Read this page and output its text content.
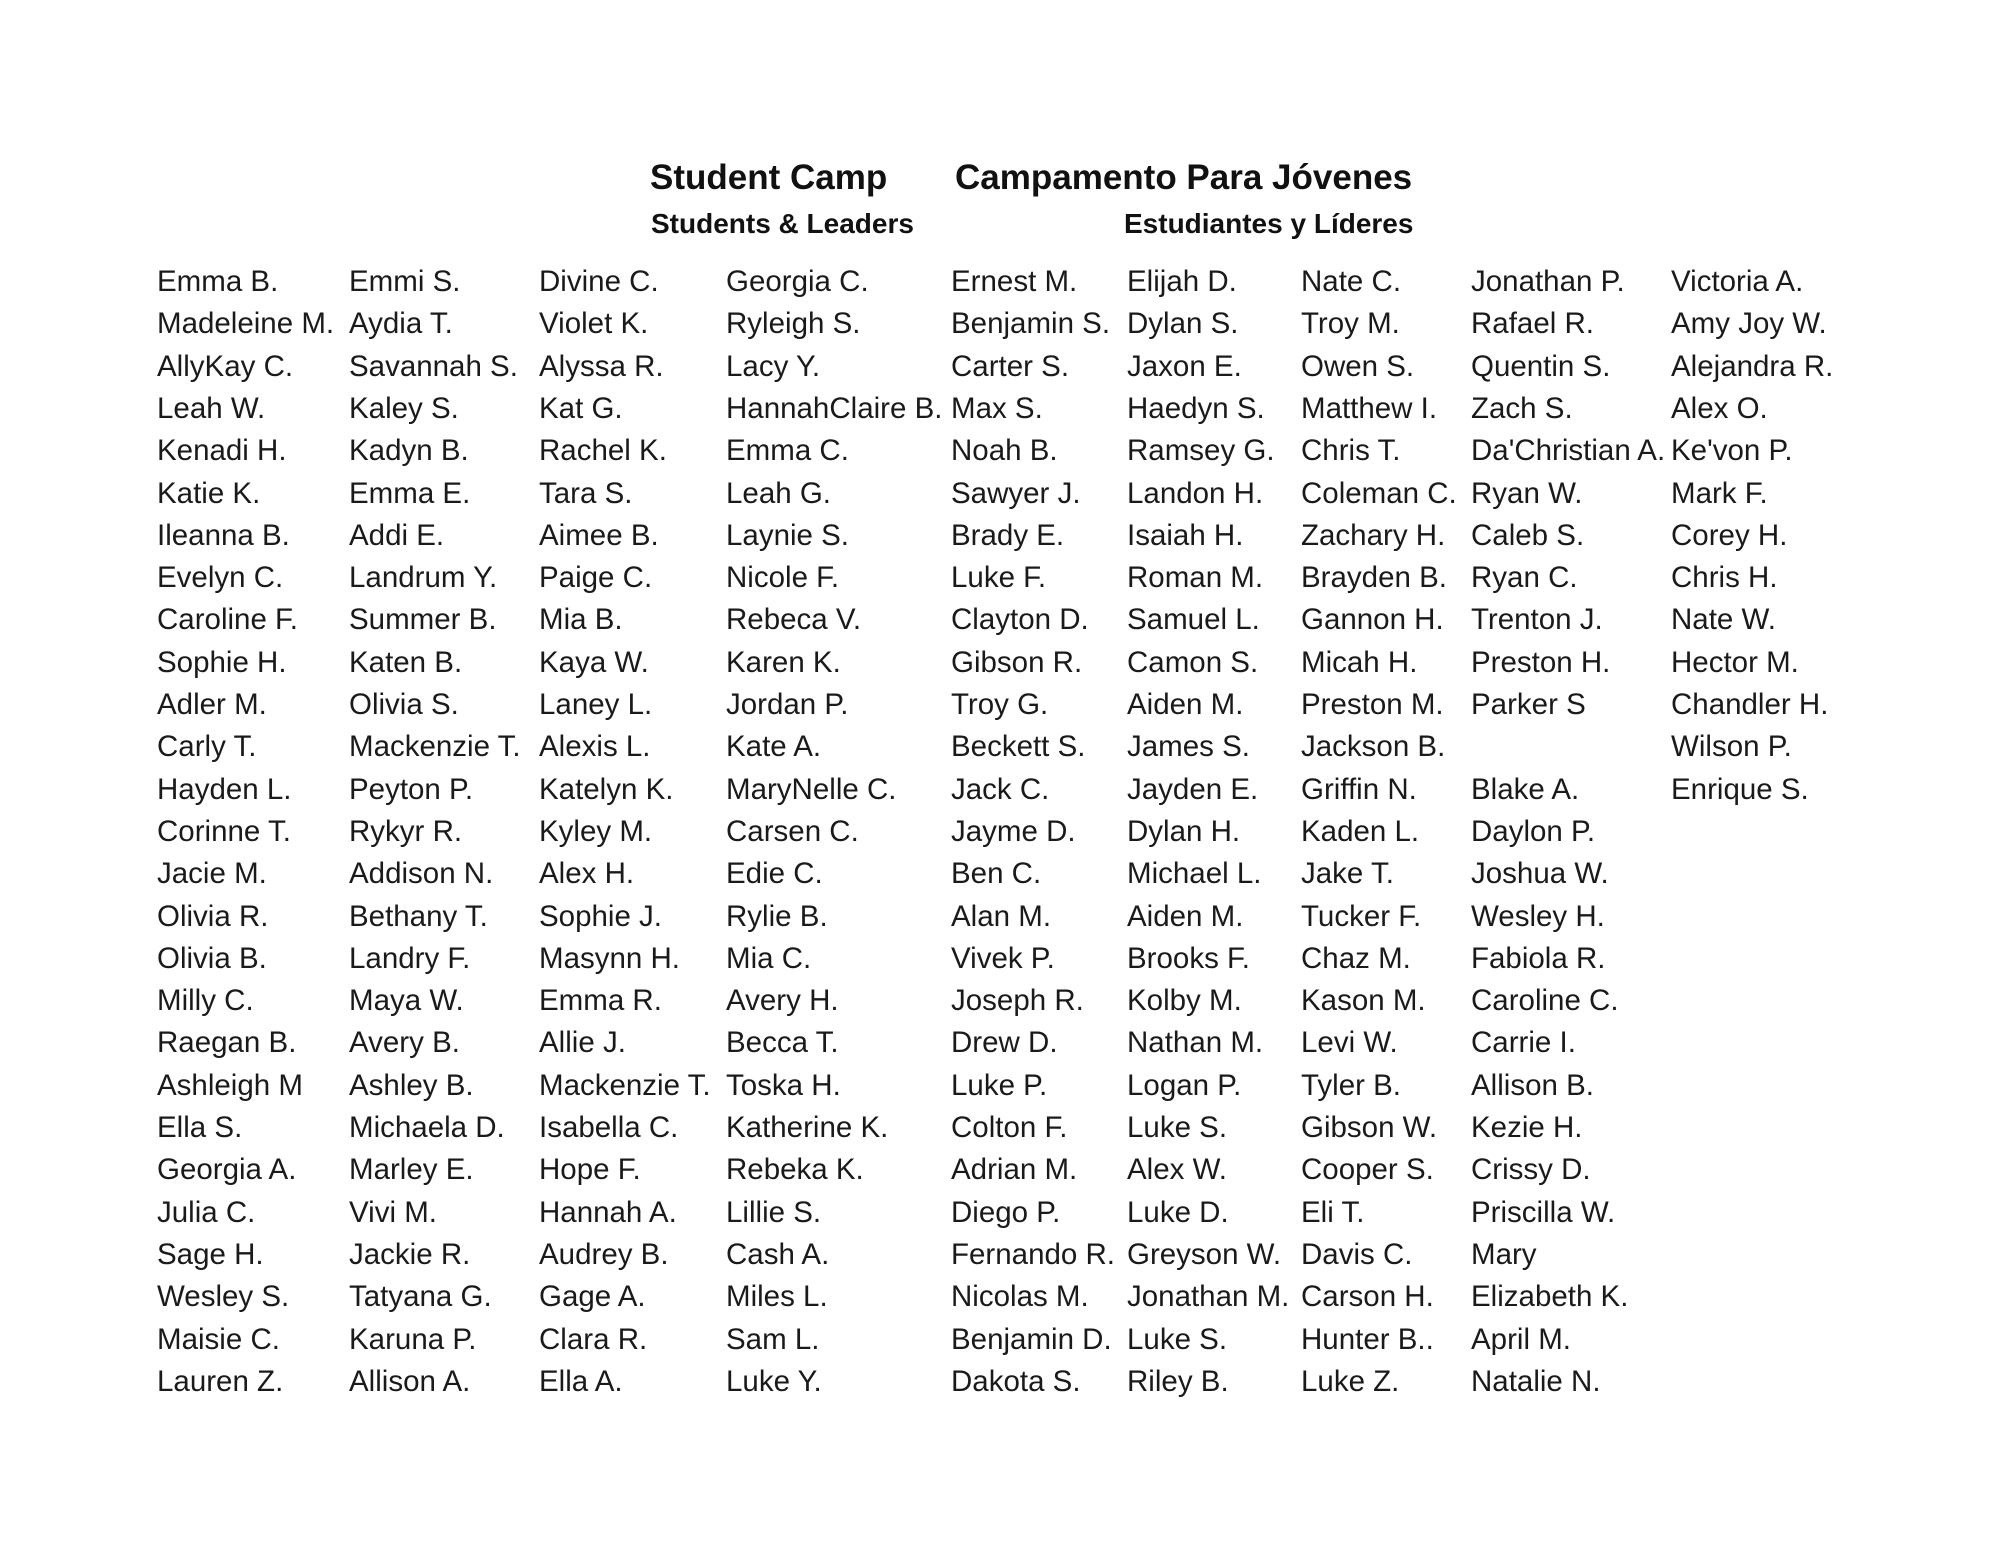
Student Camp Campamento Para Jóvenes
Students & Leaders	Estudiantes y Líderes
Emma B.
Madeleine M.
AllyKay C.
Leah W.
Kenadi H.
Katie K.
Ileanna B.
Evelyn C.
Caroline F.
Sophie H.
Adler M.
Carly T.
Hayden L.
Corinne T.
Jacie M.
Olivia R.
Olivia B.
Milly C.
Raegan B.
Ashleigh M
Ella S.
Georgia A.
Julia C.
Sage H.
Wesley S.
Maisie C.
Lauren Z.
Emmi S.
Aydia T.
Savannah S.
Kaley S.
Kadyn B.
Emma E.
Addi E.
Landrum Y.
Summer B.
Katen B.
Olivia S.
Mackenzie T.
Peyton P.
Rykyr R.
Addison N.
Bethany T.
Landry F.
Maya W.
Avery B.
Ashley B.
Michaela D.
Marley E.
Vivi M.
Jackie R.
Tatyana G.
Karuna P.
Allison A.
Divine C.
Violet K.
Alyssa R.
Kat G.
Rachel K.
Tara S.
Aimee B.
Paige C.
Mia B.
Kaya W.
Laney L.
Alexis L.
Katelyn K.
Kyley M.
Alex H.
Sophie J.
Masynn H.
Emma R.
Allie J.
Mackenzie T.
Isabella C.
Hope F.
Hannah A.
Audrey B.
Gage A.
Clara R.
Ella A.
Georgia C.
Ryleigh S.
Lacy Y.
HannahClaire B.
Emma C.
Leah G.
Laynie S.
Nicole F.
Rebeca V.
Karen K.
Jordan P.
Kate A.
MaryNelle C.
Carsen C.
Edie C.
Rylie B.
Mia C.
Avery H.
Becca T.
Toska H.
Katherine K.
Rebeka K.
Lillie S.
Cash A.
Miles L.
Sam L.
Luke Y.
Ernest M.
Benjamin S.
Carter S.
Max S.
Noah B.
Sawyer J.
Brady E.
Luke F.
Clayton D.
Gibson R.
Troy G.
Beckett S.
Jack C.
Jayme D.
Ben C.
Alan M.
Vivek P.
Joseph R.
Drew D.
Luke P.
Colton F.
Adrian M.
Diego P.
Fernando R.
Nicolas M.
Benjamin D.
Dakota S.
Elijah D.
Dylan S.
Jaxon E.
Haedyn S.
Ramsey G.
Landon H.
Isaiah H.
Roman M.
Samuel L.
Camon S.
Aiden M.
James S.
Jayden E.
Dylan H.
Michael L.
Aiden M.
Brooks F.
Kolby M.
Nathan M.
Logan P.
Luke S.
Alex W.
Luke D.
Greyson W.
Jonathan M.
Luke S.
Riley B.
Nate C.
Troy M.
Owen S.
Matthew I.
Chris T.
Coleman C.
Zachary H.
Brayden B.
Gannon H.
Micah H.
Preston M.
Jackson B.
Griffin N.
Kaden L.
Jake T.
Tucker F.
Chaz M.
Kason M.
Levi W.
Tyler B.
Gibson W.
Cooper S.
Eli T.
Davis C.
Carson H.
Hunter B..
Luke Z.
Jonathan P.
Rafael R.
Quentin S.
Zach S.
Da'Christian A.
Ryan W.
Caleb S.
Ryan C.
Trenton J.
Preston H.
Parker S
Blake A.
Daylon P.
Joshua W.
Wesley H.
Fabiola R.
Caroline C.
Carrie I.
Allison B.
Kezie H.
Crissy D.
Priscilla W.
Mary
Elizabeth K.
April M.
Natalie N.
Victoria A.
Amy Joy W.
Alejandra R.
Alex O.
Ke'von P.
Mark F.
Corey H.
Chris H.
Nate W.
Hector M.
Chandler H.
Wilson P.
Enrique S.
